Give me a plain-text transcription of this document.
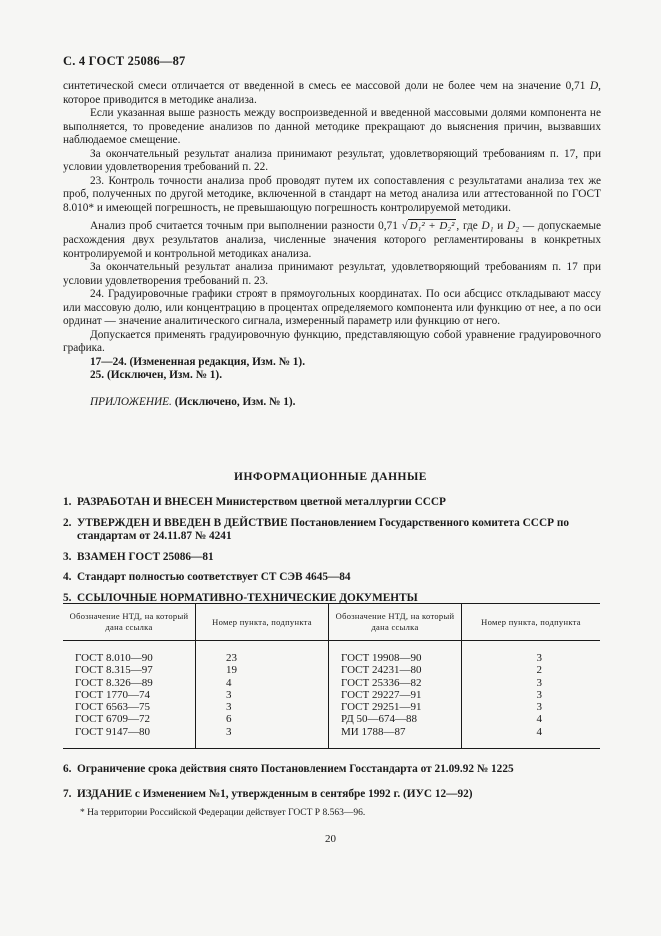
С. 4 ГОСТ 25086—87

синтетической смеси отличается от введенной в смесь ее массовой доли не более чем на значение 0,71 D, которое приводится в методике анализа.

Если указанная выше разность между воспроизведенной и введенной массовыми долями компонента не выполняется, то проведение анализов по данной методике прекращают до выяснения причин, вызвавших наблюдаемое смещение.

За окончательный результат анализа принимают результат, удовлетворяющий требованиям п. 17, при условии удовлетворения требований п. 22.

23. Контроль точности анализа проб проводят путем их сопоставления с результатами анализа тех же проб, полученных по другой методике, включенной в стандарт на метод анализа или аттестованной по ГОСТ 8.010* и имеющей погрешность, не превышающую погрешность контролируемой методики.

Анализ проб считается точным при выполнении разности 0,71 √ D₁² + D₂² , где D₁ и D₂ — допускаемые расхождения двух результатов анализа, численные значения которого регламентированы в конкретных контролируемой и контрольной методиках анализа.

За окончательный результат анализа принимают результат, удовлетворяющий требованиям п. 17 при условии удовлетворения требований п. 23.

24. Градуировочные графики строят в прямоугольных координатах. По оси абсцисс откладывают массу или массовую долю, или концентрацию в процентах определяемого компонента или функцию от нее, а по оси ординат — значение аналитического сигнала, измеренный параметр или функцию от него.

Допускается применять градуировочную функцию, представляющую собой уравнение градуировочного графика.

17—24. (Измененная редакция, Изм. № 1).

25. (Исключен, Изм. № 1).

ПРИЛОЖЕНИЕ. (Исключено, Изм. № 1).

ИНФОРМАЦИОННЫЕ ДАННЫЕ
1. РАЗРАБОТАН И ВНЕСЕН Министерством цветной металлургии СССР
2. УТВЕРЖДЕН И ВВЕДЕН В ДЕЙСТВИЕ Постановлением Государственного комитета СССР по стандартам от 24.11.87 № 4241
3. ВЗАМЕН ГОСТ 25086—81
4. Стандарт полностью соответствует СТ СЭВ 4645—84
5. ССЫЛОЧНЫЕ НОРМАТИВНО-ТЕХНИЧЕСКИЕ ДОКУМЕНТЫ
Обозначение НТД, на который дана ссылка	Номер пункта, подпункта	Обозначение НТД, на который дана ссылка	Номер пункта, подпункта

ГОСТ 8.010—90	23	ГОСТ 19908—90	3
ГОСТ 8.315—97	19	ГОСТ 24231—80	2
ГОСТ 8.326—89	4	ГОСТ 25336—82	3
ГОСТ 1770—74	3	ГОСТ 29227—91	3
ГОСТ 6563—75	3	ГОСТ 29251—91	3
ГОСТ 6709—72	6	РД 50—674—88	4
ГОСТ 9147—80	3	МИ 1788—87	4
6. Ограничение срока действия снято Постановлением Госстандарта от 21.09.92 № 1225
7. ИЗДАНИЕ с Изменением №1, утвержденным в сентябре 1992 г. (ИУС 12—92)
* На территории Российской Федерации действует ГОСТ Р 8.563—96.
20
